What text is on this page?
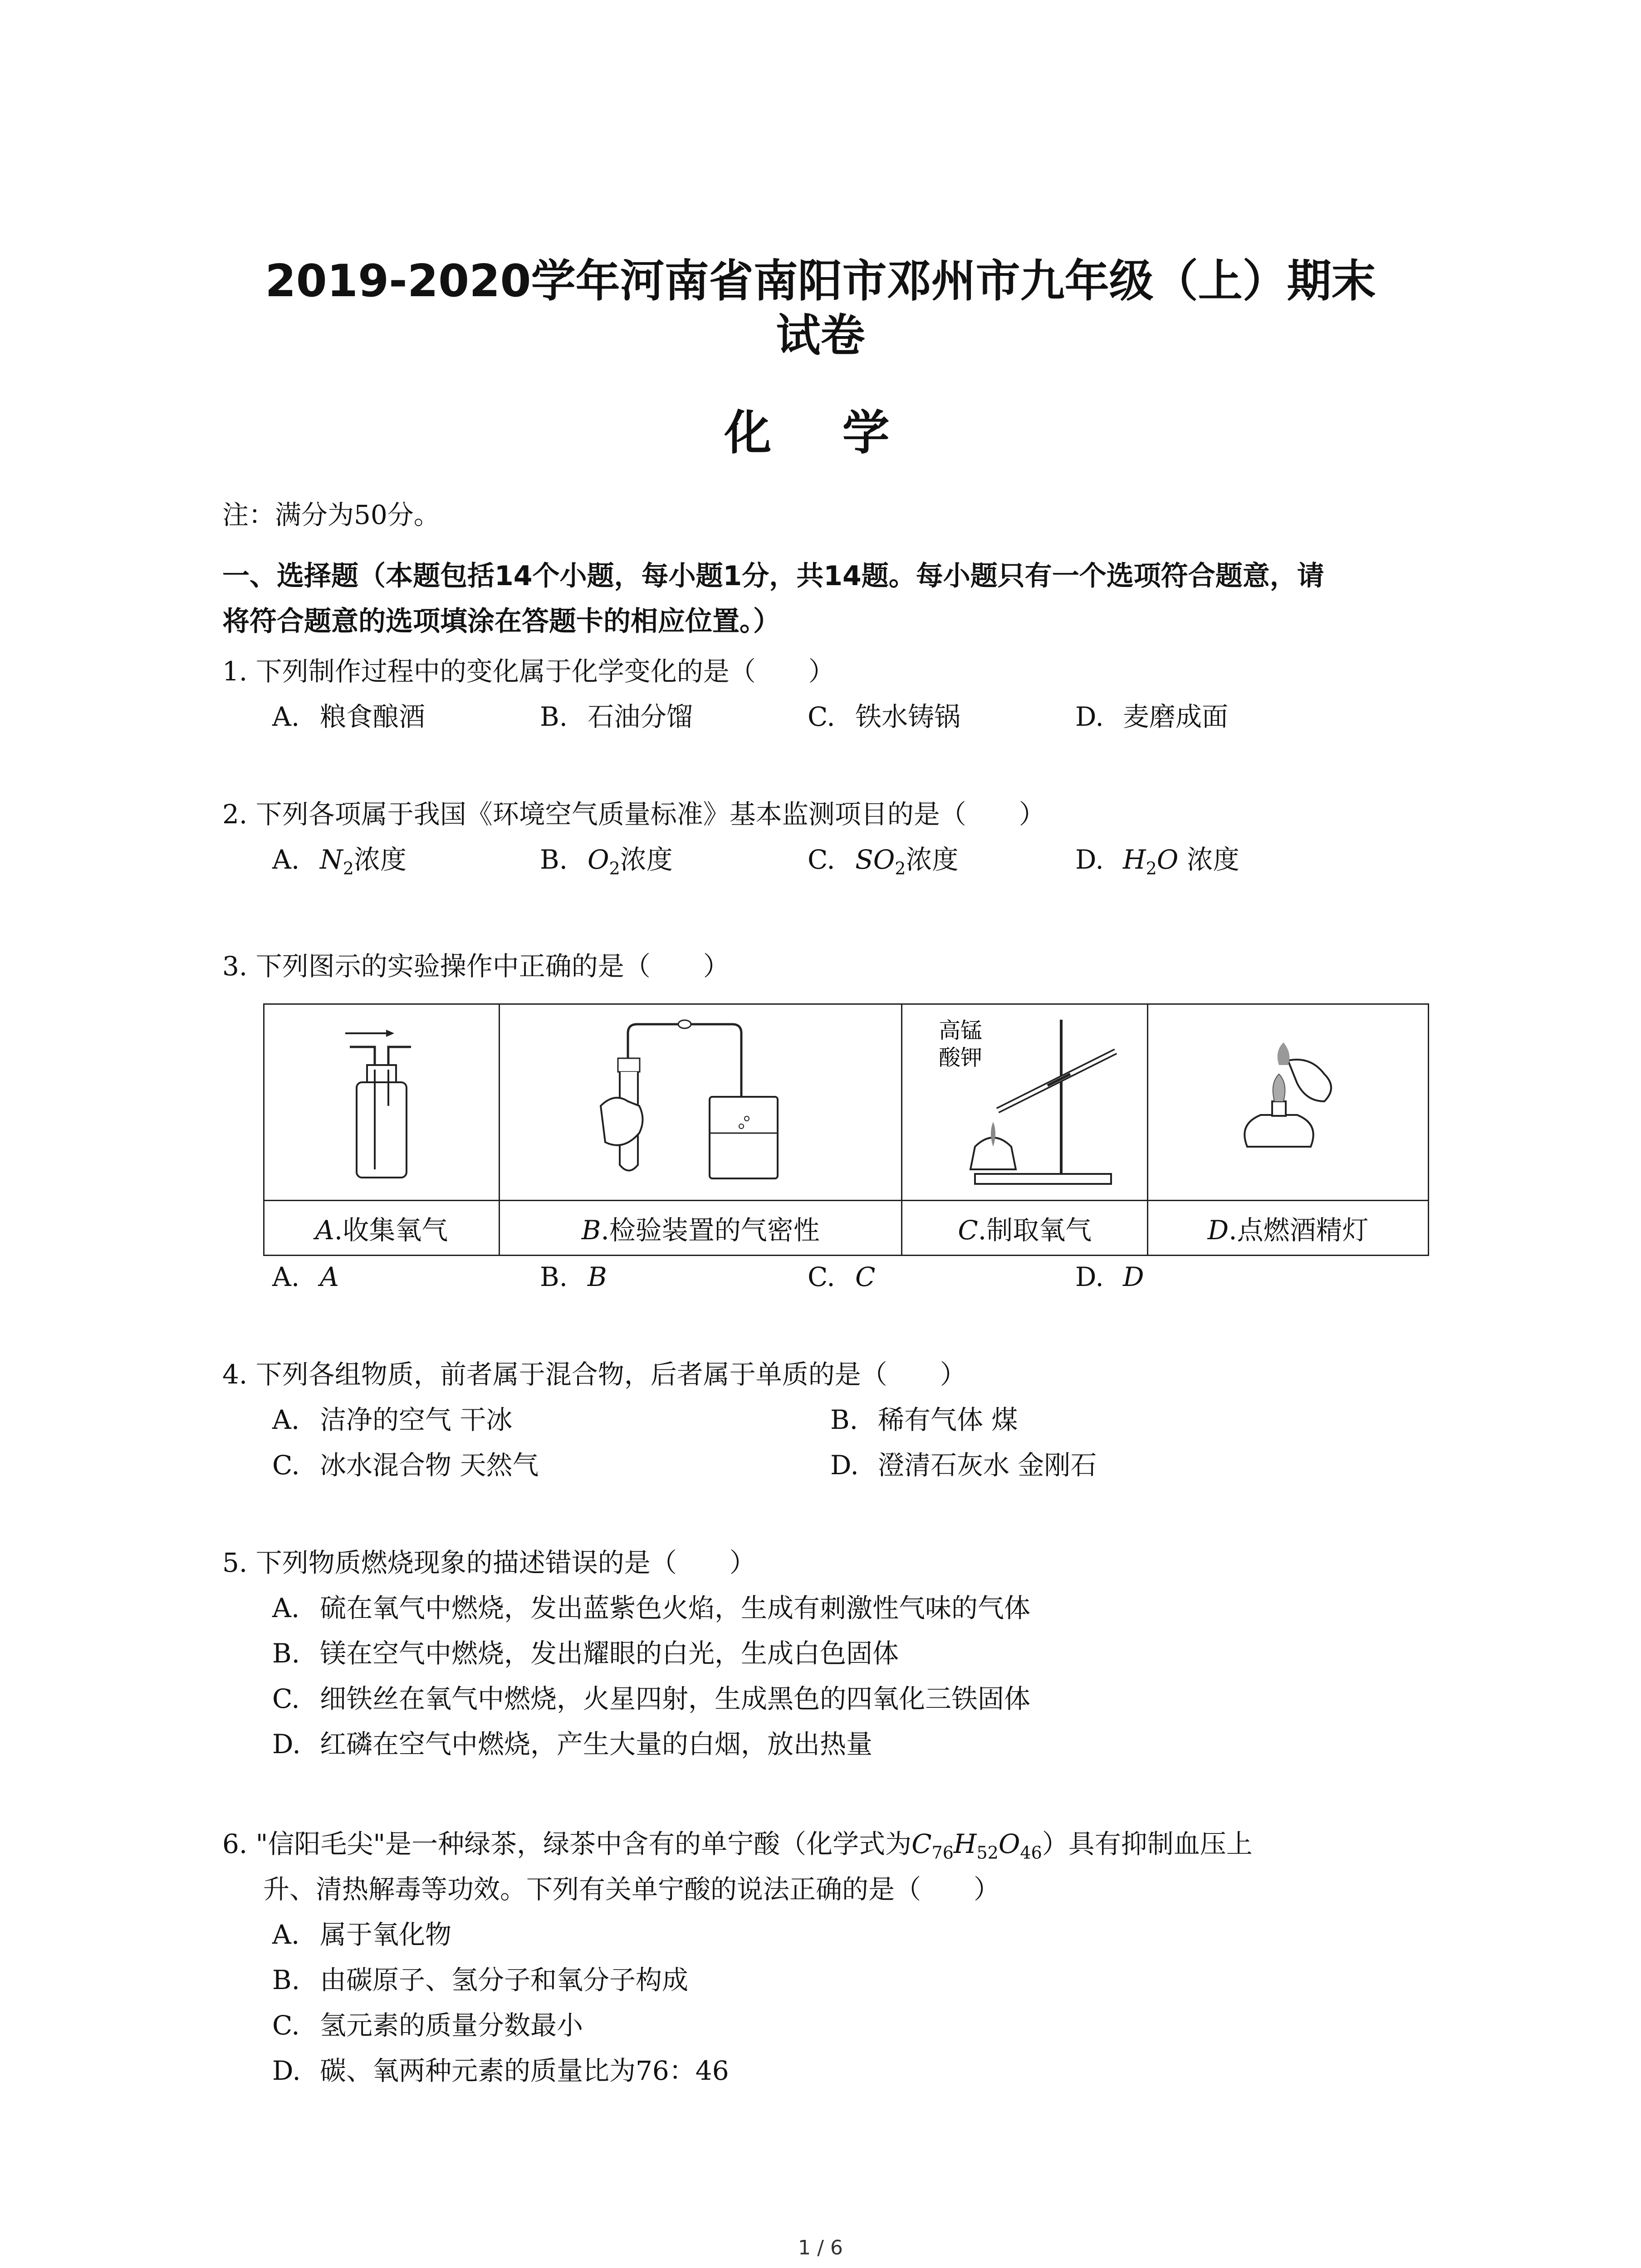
2019-2020学年河南省南阳市邓州市九年级（上）期末
试卷
化 学
注：满分为50分。
一、选择题（本题包括14个小题，每小题1分，共14题。每小题只有一个选项符合题意，请
将符合题意的选项填涂在答题卡的相应位置。）
1. 下列制作过程中的变化属于化学变化的是（　　）
A. 粮食酿酒	B. 石油分馏	C. 铁水铸锅	D. 麦磨成面
2. 下列各项属于我国《环境空气质量标准》基本监测项目的是（　　）
A. $N_2$浓度	B. $O_2$浓度	C. $SO_2$浓度	D. $H_2O$ 浓度
3. 下列图示的实验操作中正确的是（　　）

高锰
酸钾

A.收集氧气	B.检验装置的气密性	C.制取氧气	D.点燃酒精灯
A. A	B. B	C. C	D. D
4. 下列各组物质，前者属于混合物，后者属于单质的是（　　）
A. 洁净的空气 干冰	B. 稀有气体 煤
C. 冰水混合物 天然气	D. 澄清石灰水 金刚石
5. 下列物质燃烧现象的描述错误的是（　　）
A. 硫在氧气中燃烧，发出蓝紫色火焰，生成有刺激性气味的气体
B. 镁在空气中燃烧，发出耀眼的白光，生成白色固体
C. 细铁丝在氧气中燃烧，火星四射，生成黑色的四氧化三铁固体
D. 红磷在空气中燃烧，产生大量的白烟，放出热量
6. "信阳毛尖"是一种绿茶，绿茶中含有的单宁酸（化学式为$C_{76}H_{52}O_{46}$）具有抑制血压上
升、清热解毒等功效。下列有关单宁酸的说法正确的是（　　）
A. 属于氧化物
B. 由碳原子、氢分子和氧分子构成
C. 氢元素的质量分数最小
D. 碳、氧两种元素的质量比为76：46
1 / 6
